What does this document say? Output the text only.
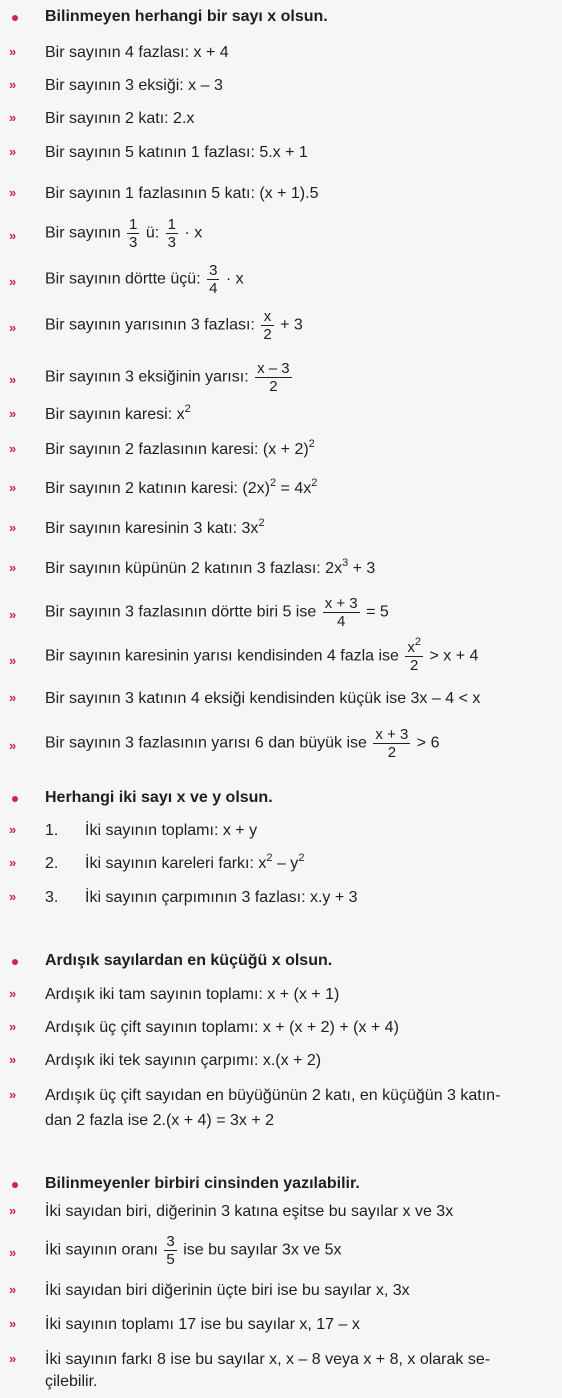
Bilinmeyen herhangi bir sayı x olsun.
» Bir sayının 4 fazlası: x + 4
» Bir sayının 3 eksiği: x – 3
» Bir sayının 2 katı: 2.x
» Bir sayının 5 katının 1 fazlası: 5.x + 1
» Bir sayının 1 fazlasının 5 katı: (x + 1).5
» Bir sayının $\frac{1}{3}$ ü: $\frac{1}{3} \cdot x$
» Bir sayının dörtte üçü: $\frac{3}{4} \cdot x$
» Bir sayının yarısının 3 fazlası: $\frac{x}{2} + 3$
» Bir sayının 3 eksiğinin yarısı: $\frac{x - 3}{2}$
» Bir sayının karesi: $x^2$
» Bir sayının 2 fazlasının karesi: $(x + 2)^2$
» Bir sayının 2 katının karesi: $(2x)^2 = 4x^2$
» Bir sayının karesinin 3 katı: $3x^2$
» Bir sayının küpünün 2 katının 3 fazlası: $2x^3 + 3$
» Bir sayının 3 fazlasının dörtte biri 5 ise $\frac{x + 3}{4} = 5$
» Bir sayının karesinin yarısı kendisinden 4 fazla ise $\frac{x^2}{2} > x + 4$
» Bir sayının 3 katının 4 eksiği kendisinden küçük ise 3x – 4 < x
» Bir sayının 3 fazlasının yarısı 6 dan büyük ise $\frac{x + 3}{2} > 6$
Herhangi iki sayı x ve y olsun.
» 1. İki sayının toplamı: x + y
» 2. İki sayının kareleri farkı: $x^2 - y^2$
» 3. İki sayının çarpımının 3 fazlası: x.y + 3
Ardışık sayılardan en küçüğü x olsun.
» Ardışık iki tam sayının toplamı: x + (x + 1)
» Ardışık üç çift sayının toplamı: x + (x + 2) + (x + 4)
» Ardışık iki tek sayının çarpımı: x.(x + 2)
» Ardışık üç çift sayıdan en büyüğünün 2 katı, en küçüğün 3 katın-
dan 2 fazla ise 2.(x + 4) = 3x + 2
Bilinmeyenler birbiri cinsinden yazılabilir.
» İki sayıdan biri, diğerinin 3 katına eşitse bu sayılar x ve 3x
» İki sayının oranı $\frac{3}{5}$ ise bu sayılar 3x ve 5x
» İki sayıdan biri diğerinin üçte biri ise bu sayılar x, 3x
» İki sayının toplamı 17 ise bu sayılar x, 17 – x
» İki sayının farkı 8 ise bu sayılar x, x – 8 veya x + 8, x olarak se-
çilebilir.
